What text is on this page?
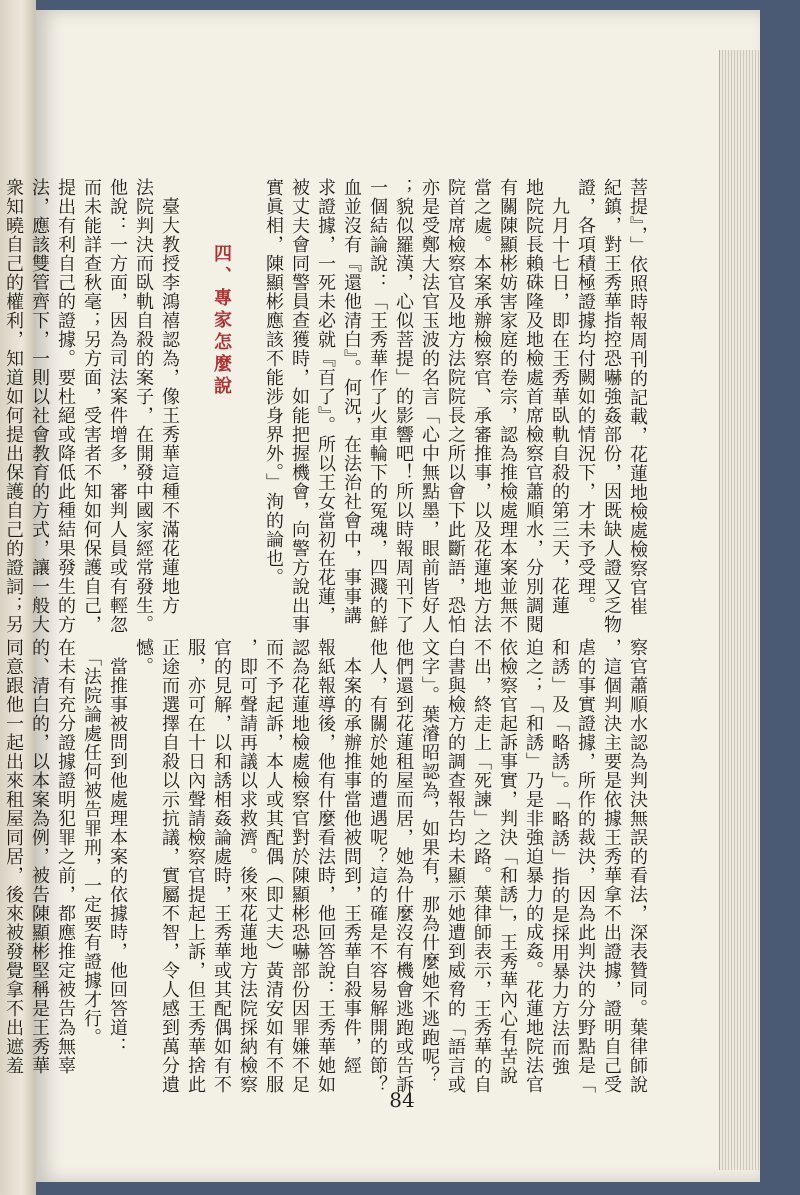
菩提』，」依照時報周刊的記載，花蓮地檢處檢察官崔

紀鎮，對王秀華指控恐嚇強姦部份，因既缺人證又乏物

證，各項積極證據均付闕如的情況下，才未予受理。

　九月十七日，即在王秀華臥軌自殺的第三天，花蓮

地院院長賴硃隆及地檢處首席檢察官蕭順水，分別調閱

有關陳顯彬妨害家庭的卷宗，認為推檢處理本案並無不

當之處。本案承辦檢察官、承審推事，以及花蓮地方法

院首席檢察官及地方法院院長之所以會下此斷語，恐怕

亦是受鄭大法官玉波的名言「心中無點墨，眼前皆好人

；貌似羅漢，心似菩提」的影響吧！所以時報周刊下了

一個結論說：「王秀華作了火車輪下的冤魂，四濺的鮮

血並沒有『還他清白』。何況，在法治社會中，事事講

求證據，一死未必就『百了』。所以王女當初在花蓮，

被丈夫會同警員查獲時，如能把握機會，向警方說出事

實眞相，陳顯彬應該不能涉身界外。」洵的論也。

四、專家怎麼說

　臺大教授李鴻禧認為，像王秀華這種不滿花蓮地方

法院判決而臥軌自殺的案子，在開發中國家經常發生。

他說：一方面，因為司法案件增多，審判人員或有輕忽

而未能詳查秋毫；另方面，受害者不知如何保護自己，

提出有利自己的證據。要杜絕或降低此種結果發生的方

法，應該雙管齊下，一則以社會教育的方式，讓一般大

衆知曉自己的權利，知道如何提出保護自己的證詞；另

察官蕭順水認為判決無誤的看法，深表贊同。葉律師說

，這個判決主要是依據王秀華拿不出證據，證明自己受

虐的事實證據，所作的裁決，因為此判決的分野點是「

和誘」及「略誘」。「略誘」指的是採用暴力方法而強

迫之；「和誘」乃是非強迫暴力的成姦。花蓮地院法官

依檢察官起訴事實，判決「和誘」，王秀華內心有苦說

不出，終走上「死諫」之路。葉律師表示，王秀華的自

白書與檢方的調查報告均未顯示她遭到威脅的「語言或

文字」。葉濬昭認為，如果有，那為什麼她不逃跑呢？

他們還到花蓮租屋而居，她為什麼沒有機會逃跑或告訴

他人，有關於她的遭遇呢？這的確是不容易解開的節？

　本案的承辦推事當他被問到，王秀華自殺事件，經

報紙報導後，他有什麼看法時，他回答說：王秀華她如

認為花蓮地檢處檢察官對於陳顯彬恐嚇部份因罪嫌不足

而不予起訴，本人或其配偶（即丈夫）黃清安如有不服

，即可聲請再議以求救濟。後來花蓮地方法院採納檢察

官的見解，以和誘相姦論處時，王秀華或其配偶如有不

服，亦可在十日內聲請檢察官提起上訴，但王秀華捨此

正途而選擇自殺以示抗議，實屬不智，令人感到萬分遺

憾。

　當推事被問到他處理本案的依據時，他回答道：

　「法院論處任何被告罪刑，一定要有證據才行。

在未有充分證據證明犯罪之前，都應推定被告為無辜

的、清白的，以本案為例，被告陳顯彬堅稱是王秀華

同意跟他一起出來租屋同居，後來被發覺拿不出遮羞

84
